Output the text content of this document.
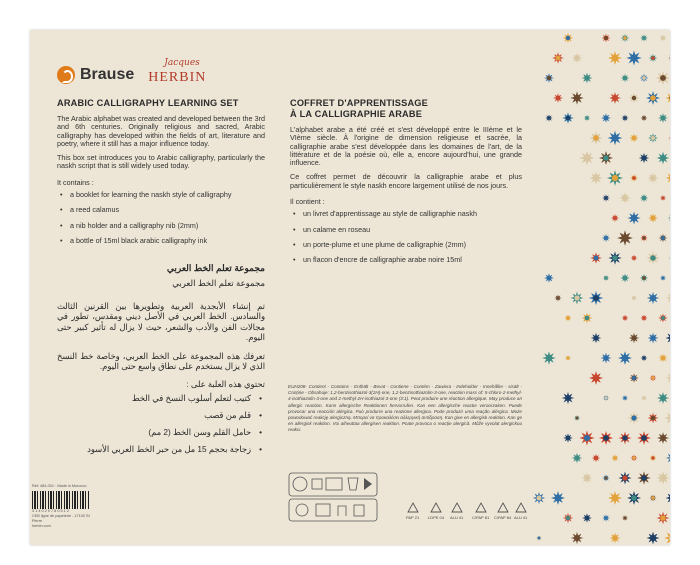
Brause
Jacques
HERBIN
ARABIC CALLIGRAPHY LEARNING SET

The Arabic alphabet was created and developed between the 3rd and 6th centuries. Originally religious and sacred, Arabic calligraphy has developed within the fields of art, literature and poetry, where it still has a major influence today.

This box set introduces you to Arabic calligraphy, particularly the naskh script that is still widely used today.

It contains :
• a booklet for learning the naskh style of calligraphy
• a reed calamus
• a nib holder and a calligraphy nib (2mm)
• a bottle of 15ml black arabic calligraphy ink
مجموعة تعلم الخط العربي
مجموعة تعلم الخط العربي

تم إنشاء الأبجدية العربية وتطويرها بين القرنين الثالث والسادس. الخط العربي في الأصل ديني ومقدس، تطور في مجالات الفن والأدب والشعر، حيث لا يزال له تأثير كبير حتى اليوم.

تعرفك هذه المجموعة على الخط العربي، وخاصة خط النسخ الذي لا يزال يستخدم على نطاق واسع حتى اليوم.

تحتوي هذه العلبة على :
• كتيب لتعلم أسلوب النسخ في الخط
• قلم من قصب
• حامل القلم وسن الخط (2 مم)
• زجاجة بحجم 15 مل من حبر الخط العربي الأسود
COFFRET D'APPRENTISSAGE
À LA CALLIGRAPHIE ARABE

L'alphabet arabe a été créé et s'est développé entre le IIIème et le VIème siècle. À l'origine de dimension religieuse et sacrée, la calligraphie arabe s'est développée dans les domaines de l'art, de la littérature et de la poésie où, elle a, encore aujourd'hui, une grande influence.

Ce coffret permet de découvrir la calligraphie arabe et plus particulièrement le style naskh encore largement utilisé de nos jours.

Il contient :
• un livret d'apprentissage au style de calligraphie naskh
• un calame en roseau
• un porte-plume et une plume de calligraphie (2mm)
• un flacon d'encre de calligraphie arabe noire 15ml
EUH208- Contient - Contains - Enthält - Bevat - Contiene - Contém - Zawiera - Indeholder - Innehåller - sisält - Conține - Obsahuje: 1,2-benzisothiazol-3(2H)-one, 1,2-benzisothiazolin-3-one, reaction mass of: 5-chloro-2-methyl-4-isothiazolin-3-one and 2-methyl-2H-isothiazol-3-one (3:1). Peut produire une réaction allergique. May produce an allergic reaction. Kann allergische Reaktionen hervorrufen. Kan een allergische reactie veroorzaken. Puede provocar una reacción alérgica. Può produrre una reazione allergica. Pode produzir uma reação alérgica. Może powodować reakcję alergiczną. Μπορεί να προκαλέσει αλλεργική αντίδραση. Kan give en allergisk reaktion. Kan ge en allergisk reaktion. Voi aiheuttaa allergisen reaktion. Poate provoca o reacție alergică. Může vyvolat alergickou reakci.
Ref: 484-001 · Made in Morocco
3 1 4 0 2 0 7 8 0 5 1 2
CEB ligne de papeterie - 17100 St Pierre
herbin.com
PAP 21 LDPE 04 ALU 41 C/PAP 81 C/PAP 84 ALU 41
